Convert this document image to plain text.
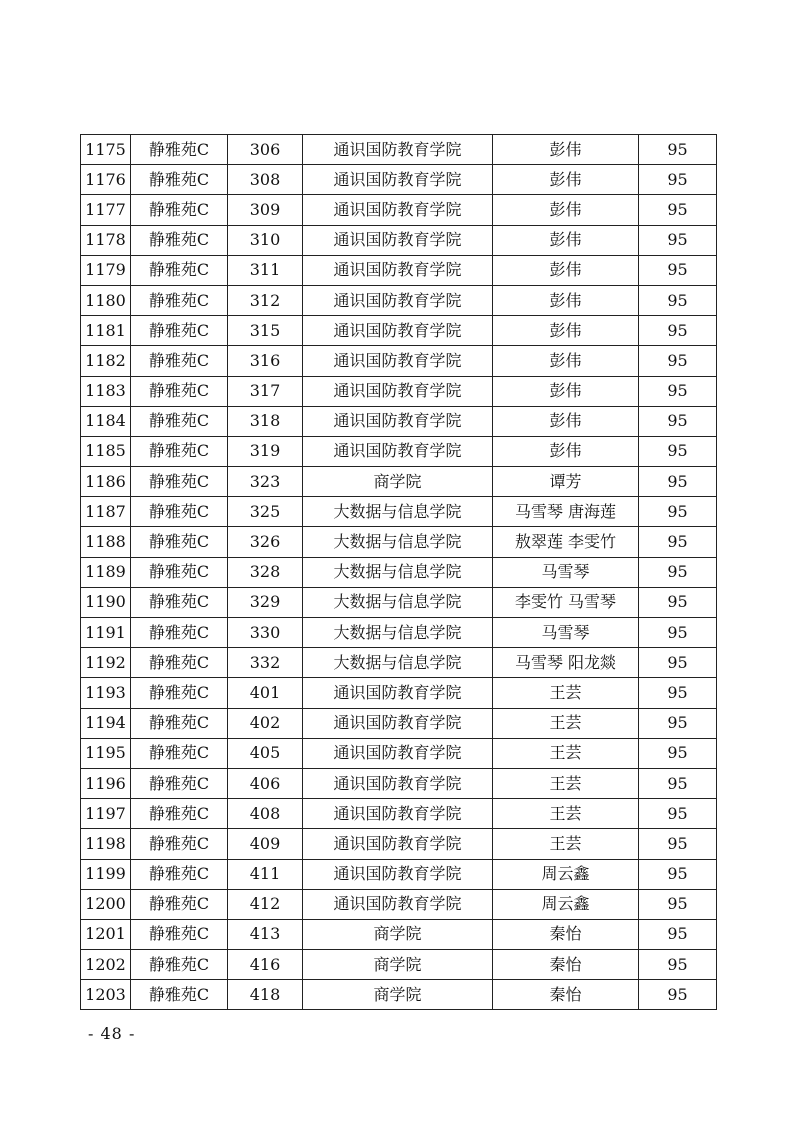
1175	静雅苑C	306	通识国防教育学院	彭伟	95
1176	静雅苑C	308	通识国防教育学院	彭伟	95
1177	静雅苑C	309	通识国防教育学院	彭伟	95
1178	静雅苑C	310	通识国防教育学院	彭伟	95
1179	静雅苑C	311	通识国防教育学院	彭伟	95
1180	静雅苑C	312	通识国防教育学院	彭伟	95
1181	静雅苑C	315	通识国防教育学院	彭伟	95
1182	静雅苑C	316	通识国防教育学院	彭伟	95
1183	静雅苑C	317	通识国防教育学院	彭伟	95
1184	静雅苑C	318	通识国防教育学院	彭伟	95
1185	静雅苑C	319	通识国防教育学院	彭伟	95
1186	静雅苑C	323	商学院	谭芳	95
1187	静雅苑C	325	大数据与信息学院	马雪琴 唐海莲	95
1188	静雅苑C	326	大数据与信息学院	敖翠莲 李雯竹	95
1189	静雅苑C	328	大数据与信息学院	马雪琴	95
1190	静雅苑C	329	大数据与信息学院	李雯竹 马雪琴	95
1191	静雅苑C	330	大数据与信息学院	马雪琴	95
1192	静雅苑C	332	大数据与信息学院	马雪琴 阳龙燚	95
1193	静雅苑C	401	通识国防教育学院	王芸	95
1194	静雅苑C	402	通识国防教育学院	王芸	95
1195	静雅苑C	405	通识国防教育学院	王芸	95
1196	静雅苑C	406	通识国防教育学院	王芸	95
1197	静雅苑C	408	通识国防教育学院	王芸	95
1198	静雅苑C	409	通识国防教育学院	王芸	95
1199	静雅苑C	411	通识国防教育学院	周云鑫	95
1200	静雅苑C	412	通识国防教育学院	周云鑫	95
1201	静雅苑C	413	商学院	秦怡	95
1202	静雅苑C	416	商学院	秦怡	95
1203	静雅苑C	418	商学院	秦怡	95
- 48 -
